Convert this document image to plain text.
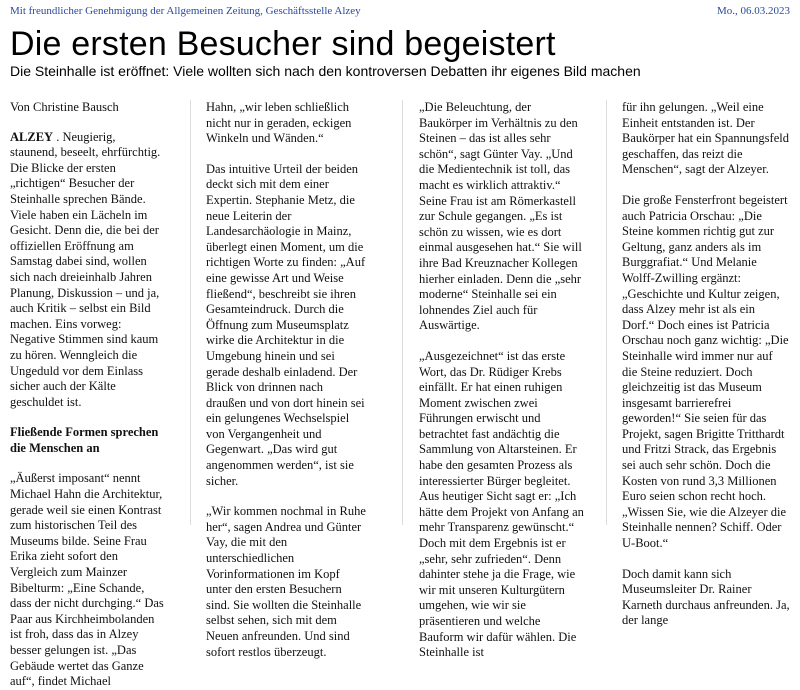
Mit freundlicher Genehmigung der Allgemeinen Zeitung, Geschäftsstelle Alzey	Mo., 06.03.2023
Die ersten Besucher sind begeistert

Die Steinhalle ist eröffnet: Viele wollten sich nach den kontroversen Debatten ihr eigenes Bild machen

Von Christine Bausch

ALZEY . Neugierig, staunend, beseelt, ehrfürchtig. Die Blicke der ersten „richtigen“ Besucher der Steinhalle sprechen Bände. Viele haben ein Lächeln im Gesicht. Denn die, die bei der offiziellen Eröffnung am Samstag dabei sind, wollen sich nach dreieinhalb Jahren Planung, Diskussion – und ja, auch Kritik – selbst ein Bild machen. Eins vorweg: Negative Stimmen sind kaum zu hören. Wenngleich die Ungeduld vor dem Einlass sicher auch der Kälte geschuldet ist.

Fließende Formen sprechen die Menschen an

„Äußerst imposant“ nennt Michael Hahn die Architektur, gerade weil sie einen Kontrast zum historischen Teil des Museums bilde. Seine Frau Erika zieht sofort den Vergleich zum Mainzer Bibelturm: „Eine Schande, dass der nicht durchging.“ Das Paar aus Kirchheimbolanden ist froh, dass das in Alzey besser gelungen ist. „Das Gebäude wertet das Ganze auf“, findet Michael

Hahn, „wir leben schließlich nicht nur in geraden, eckigen Winkeln und Wänden.“

Das intuitive Urteil der beiden deckt sich mit dem einer Expertin. Stephanie Metz, die neue Leiterin der Landesarchäologie in Mainz, überlegt einen Moment, um die richtigen Worte zu finden: „Auf eine gewisse Art und Weise fließend“, beschreibt sie ihren Gesamteindruck. Durch die Öffnung zum Museumsplatz wirke die Architektur in die Umgebung hinein und sei gerade deshalb einladend. Der Blick von drinnen nach draußen und von dort hinein sei ein gelungenes Wechselspiel von Vergangenheit und Gegenwart. „Das wird gut angenommen werden“, ist sie sicher.

„Wir kommen nochmal in Ruhe her“, sagen Andrea und Günter Vay, die mit den unterschiedlichen Vorinformationen im Kopf unter den ersten Besuchern sind. Sie wollten die Steinhalle selbst sehen, sich mit dem Neuen anfreunden. Und sind sofort restlos überzeugt.

„Die Beleuchtung, der Baukörper im Verhältnis zu den Steinen – das ist alles sehr schön“, sagt Günter Vay. „Und die Medientechnik ist toll, das macht es wirklich attraktiv.“ Seine Frau ist am Römerkastell zur Schule gegangen. „Es ist schön zu wissen, wie es dort einmal ausgesehen hat.“ Sie will ihre Bad Kreuznacher Kollegen hierher einladen. Denn die „sehr moderne“ Steinhalle sei ein lohnendes Ziel auch für Auswärtige.

„Ausgezeichnet“ ist das erste Wort, das Dr. Rüdiger Krebs einfällt. Er hat einen ruhigen Moment zwischen zwei Führungen erwischt und betrachtet fast andächtig die Sammlung von Altarsteinen. Er habe den gesamten Prozess als interessierter Bürger begleitet. Aus heutiger Sicht sagt er: „Ich hätte dem Projekt von Anfang an mehr Transparenz gewünscht.“ Doch mit dem Ergebnis ist er „sehr, sehr zufrieden“. Denn dahinter stehe ja die Frage, wie wir mit unseren Kulturgütern umgehen, wie wir sie präsentieren und welche Bauform wir dafür wählen. Die Steinhalle ist

für ihn gelungen. „Weil eine Einheit entstanden ist. Der Baukörper hat ein Spannungsfeld geschaffen, das reizt die Menschen“, sagt der Alzeyer.

Die große Fensterfront begeistert auch Patricia Orschau: „Die Steine kommen richtig gut zur Geltung, ganz anders als im Burggrafiat.“ Und Melanie Wolff-Zwilling ergänzt: „Geschichte und Kultur zeigen, dass Alzey mehr ist als ein Dorf.“ Doch eines ist Patricia Orschau noch ganz wichtig: „Die Steinhalle wird immer nur auf die Steine reduziert. Doch gleichzeitig ist das Museum insgesamt barrierefrei geworden!“ Sie seien für das Projekt, sagen Brigitte Tritthardt und Fritzi Strack, das Ergebnis sei auch sehr schön. Doch die Kosten von rund 3,3 Millionen Euro seien schon recht hoch. „Wissen Sie, wie die Alzeyer die Steinhalle nennen? Schiff. Oder U-Boot.“

Doch damit kann sich Museumsleiter Dr. Rainer Karneth durchaus anfreunden. Ja, der lange
